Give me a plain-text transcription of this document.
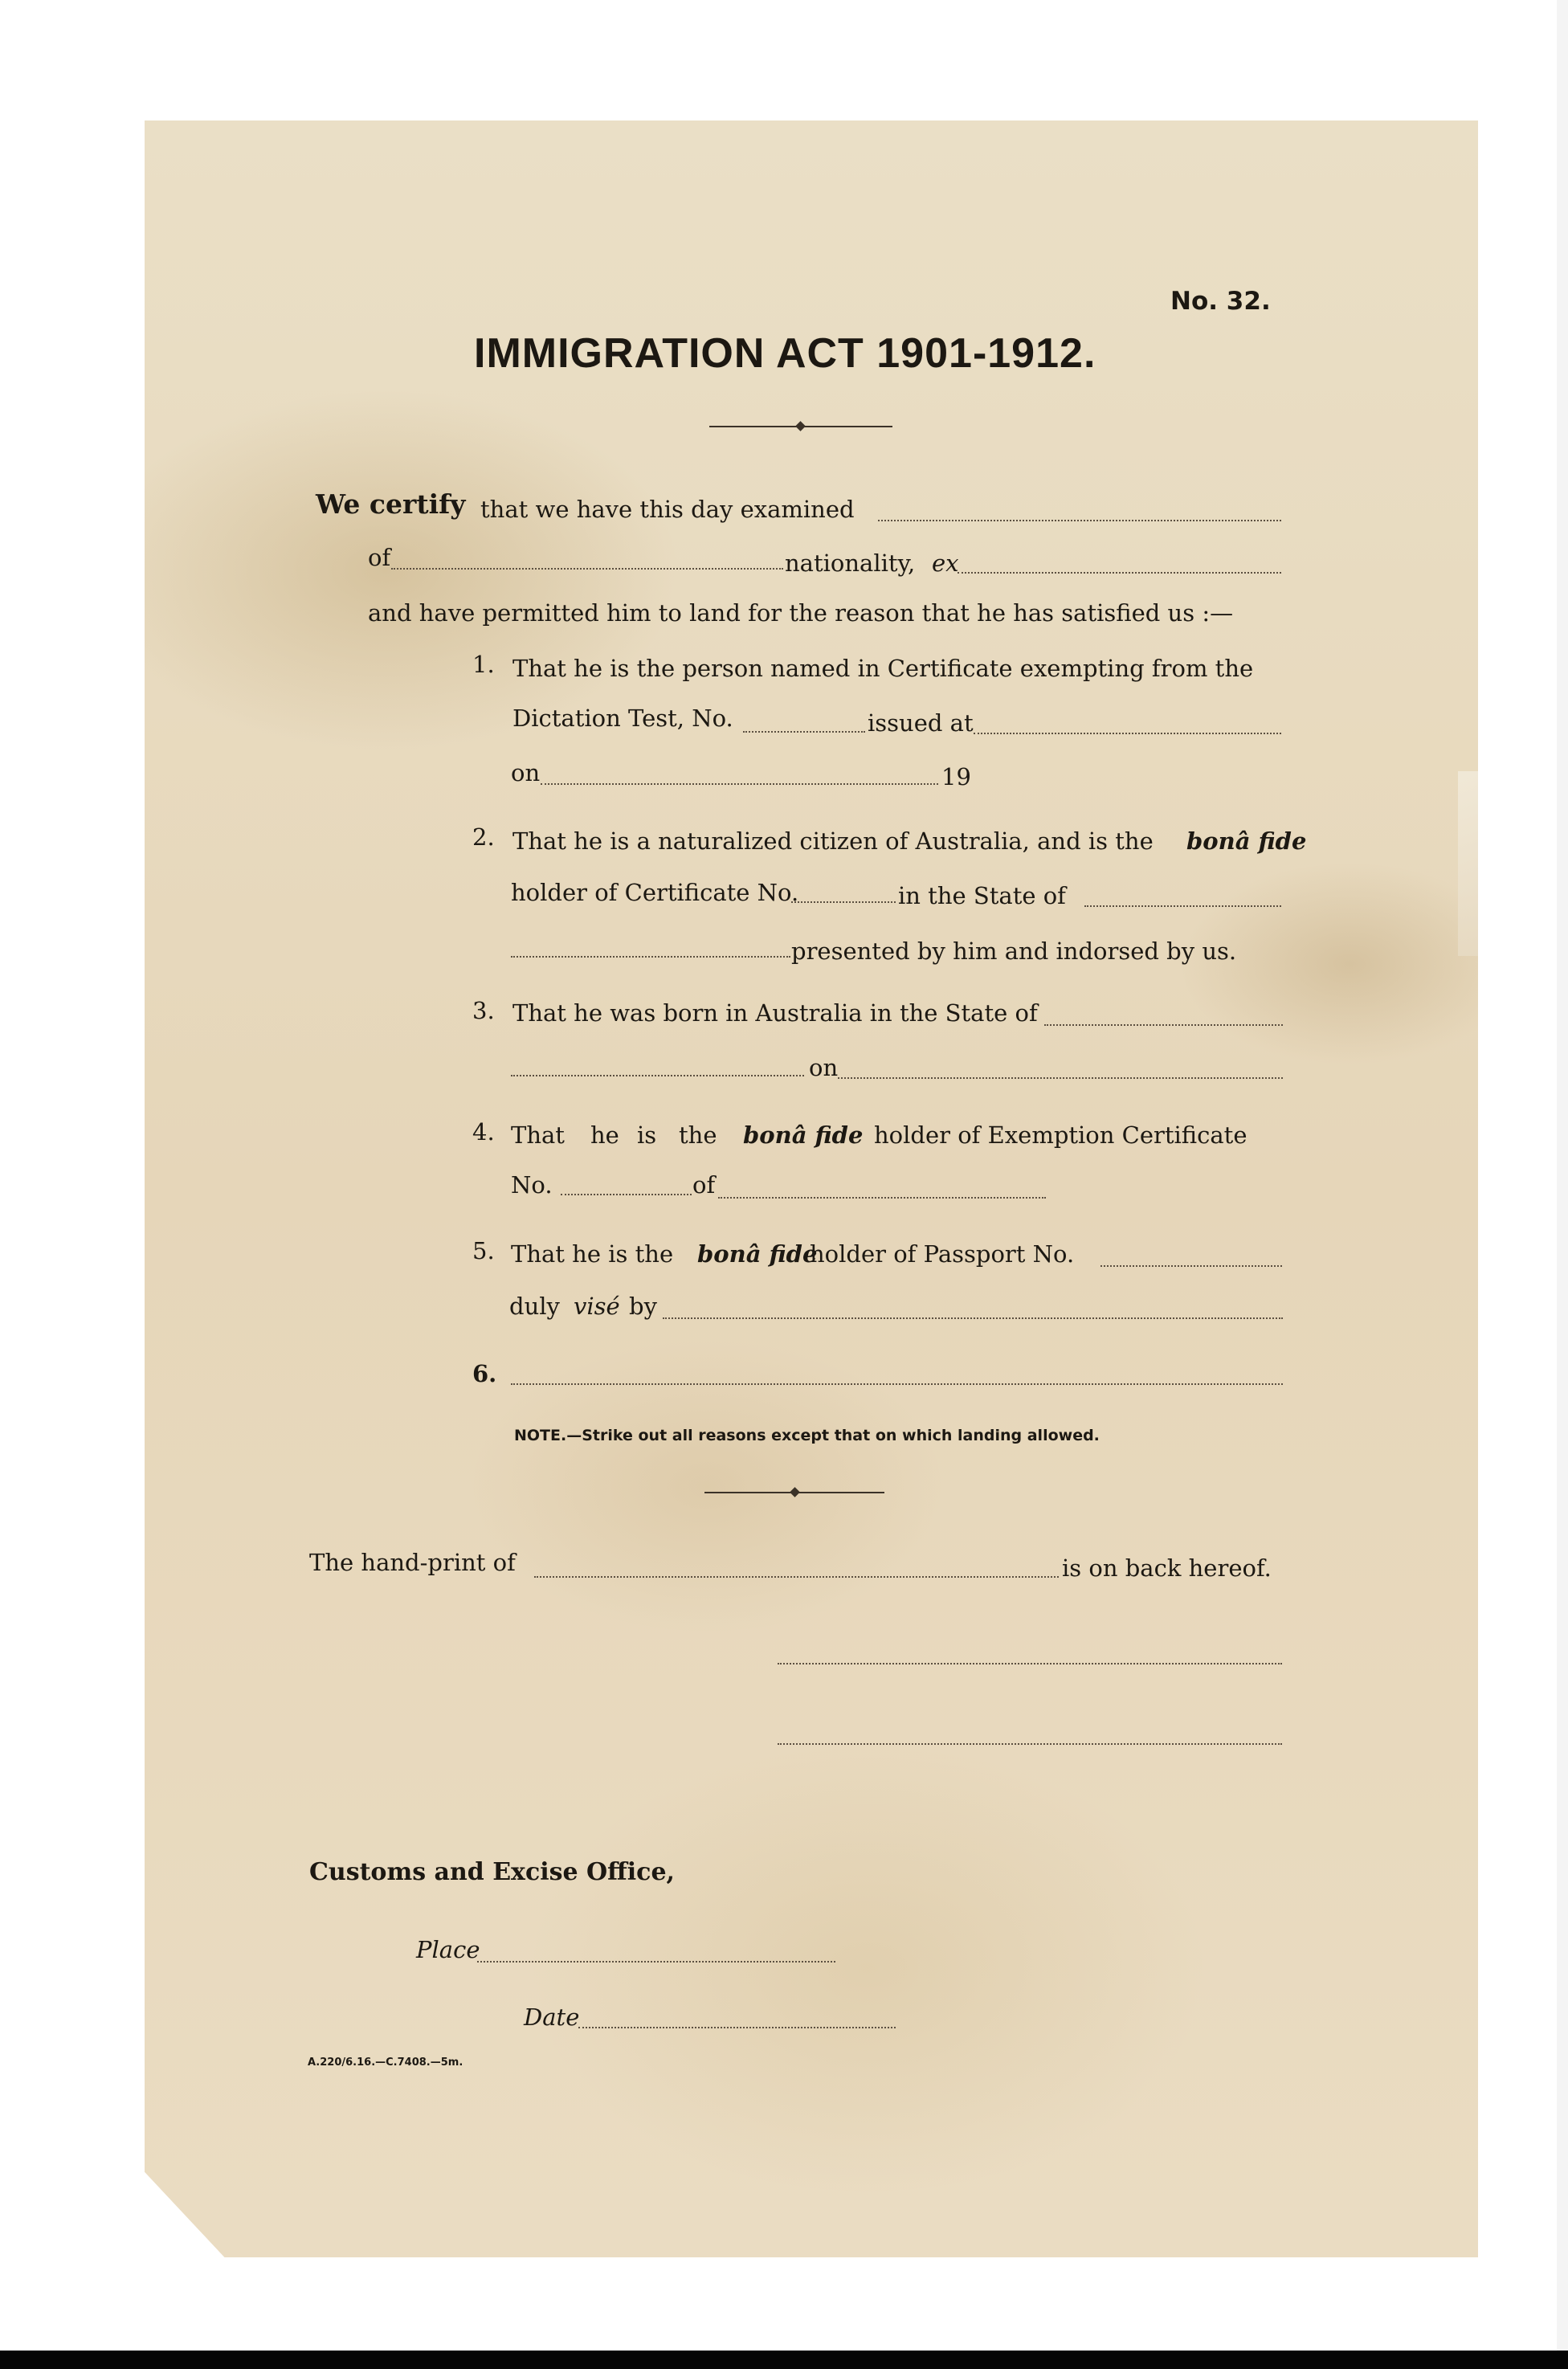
No. 32.
IMMIGRATION ACT 1901-1912.
We certify that we have this day examined
of	nationality, ex
and have permitted him to land for the reason that he has satisfied us :—
1. That he is the person named in Certificate exempting from the
Dictation Test, No.	issued at
on	19
2. That he is a naturalized citizen of Australia, and is the bonâ fide
holder of Certificate No.	in the State of
presented by him and indorsed by us.
3. That he was born in Australia in the State of
on
4. That he is the bonâ fide holder of Exemption Certificate
No.	of
5. That he is the bonâ fide
holder of Passport No.
duly visé by
6.
NOTE.—Strike out all reasons except that on which landing allowed.
The hand-print of	is on back hereof.
Customs and Excise Office,
Place
Date
A.220/6.16.—C.7408.—5m.
